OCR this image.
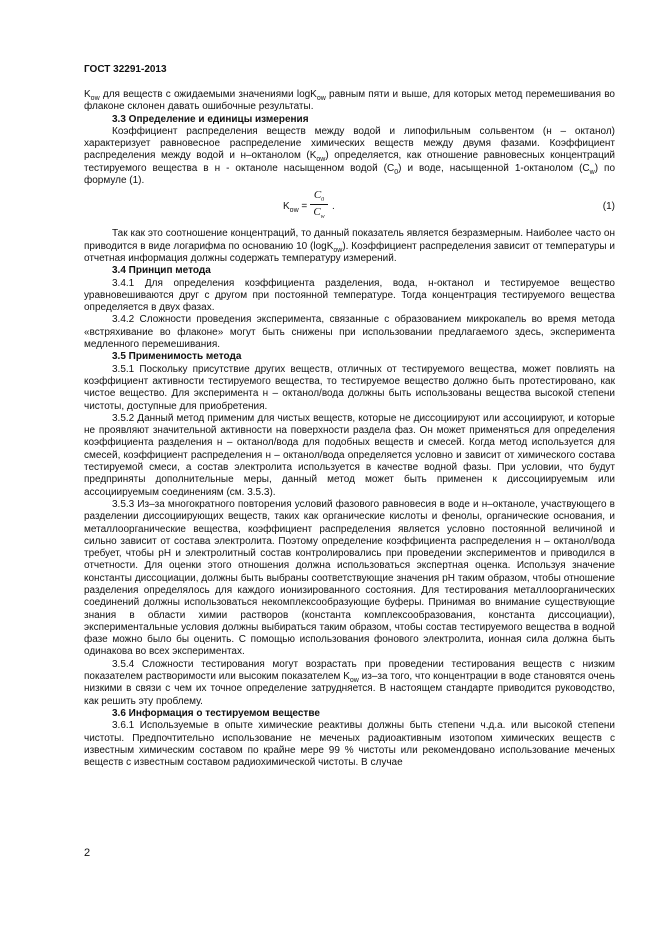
ГОСТ 32291-2013

$K_{ow}$ для веществ с ожидаемыми значениями logK$_{ow}$ равным пяти и выше, для которых метод перемешивания во флаконе склонен давать ошибочные результаты.

3.3 Определение и единицы измерения

Коэффициент распределения веществ между водой и липофильным сольвентом (н – октанол) характеризует равновесное распределение химических веществ между двумя фазами. Коэффициент распределения между водой и н–октанолом $(K_{ow})$ определяется, как отношение равновесных концентраций тестируемого вещества в н - октаноле насыщенном водой $(C_0)$ и воде, насыщенной 1-октанолом $(C_w)$ по формуле (1).

$K_{ow} = \frac{C_0}{C_w}$ .	(1)

Так как это соотношение концентраций, то данный показатель является безразмерным. Наиболее часто он приводится в виде логарифма по основанию 10 (logK$_{ow}$). Коэффициент распределения зависит от температуры и отчетная информация должны содержать температуру измерений.

3.4 Принцип метода

3.4.1 Для определения коэффициента разделения, вода, н-октанол и тестируемое вещество уравновешиваются друг с другом при постоянной температуре. Тогда концентрация тестируемого вещества определяется в двух фазах.

3.4.2 Сложности проведения эксперимента, связанные с образованием микрокапель во время метода «встряхивание во флаконе» могут быть снижены при использовании предлагаемого здесь, эксперимента медленного перемешивания.

3.5 Применимость метода

3.5.1 Поскольку присутствие других веществ, отличных от тестируемого вещества, может повлиять на коэффициент активности тестируемого вещества, то тестируемое вещество должно быть протестировано, как чистое вещество. Для эксперимента н – октанол/вода должны быть использованы вещества высокой степени чистоты, доступные для приобретения.

3.5.2 Данный метод применим для чистых веществ, которые не диссоциируют или ассоциируют, и которые не проявляют значительной активности на поверхности раздела фаз. Он может применяться для определения коэффициента разделения н – октанол/вода для подобных веществ и смесей. Когда метод используется для смесей, коэффициент распределения н – октанол/вода определяется условно и зависит от химического состава тестируемой смеси, а состав электролита используется в качестве водной фазы. При условии, что будут предприняты дополнительные меры, данный метод может быть применен к диссоциируемым или ассоциируемым соединениям (см. 3.5.3).

3.5.3 Из–за многократного повторения условий фазового равновесия в воде и н–октаноле, участвующего в разделении диссоциирующих веществ, таких как органические кислоты и фенолы, органические основания, и металлоорганические вещества, коэффициент распределения является условно постоянной величиной и сильно зависит от состава электролита. Поэтому определение коэффициента распределения н – октанол/вода требует, чтобы pH и электролитный состав контролировались при проведении экспериментов и приводился в отчетности. Для оценки этого отношения должна использоваться экспертная оценка. Используя значение константы диссоциации, должны быть выбраны соответствующие значения pH таким образом, чтобы отношение разделения определялось для каждого ионизированного состояния. Для тестирования металлоорганических соединений должны использоваться некомплексообразующие буферы. Принимая во внимание существующие знания в области химии растворов (константа комплексообразования, константа диссоциации), экспериментальные условия должны выбираться таким образом, чтобы состав тестируемого вещества в водной фазе можно было бы оценить. С помощью использования фонового электролита, ионная сила должна быть одинакова во всех экспериментах.

3.5.4 Сложности тестирования могут возрастать при проведении тестирования веществ с низким показателем растворимости или высоким показателем $K_{ow}$ из–за того, что концентрации в воде становятся очень низкими в связи с чем их точное определение затрудняется. В настоящем стандарте приводится руководство, как решить эту проблему.

3.6 Информация о тестируемом веществе

3.6.1 Используемые в опыте химические реактивы должны быть степени ч.д.а. или высокой степени чистоты. Предпочтительно использование не меченых радиоактивным изотопом химических веществ с известным химическим составом по крайне мере 99 % чистоты или рекомендовано использование меченых веществ с известным составом радиохимической чистоты. В случае

2
